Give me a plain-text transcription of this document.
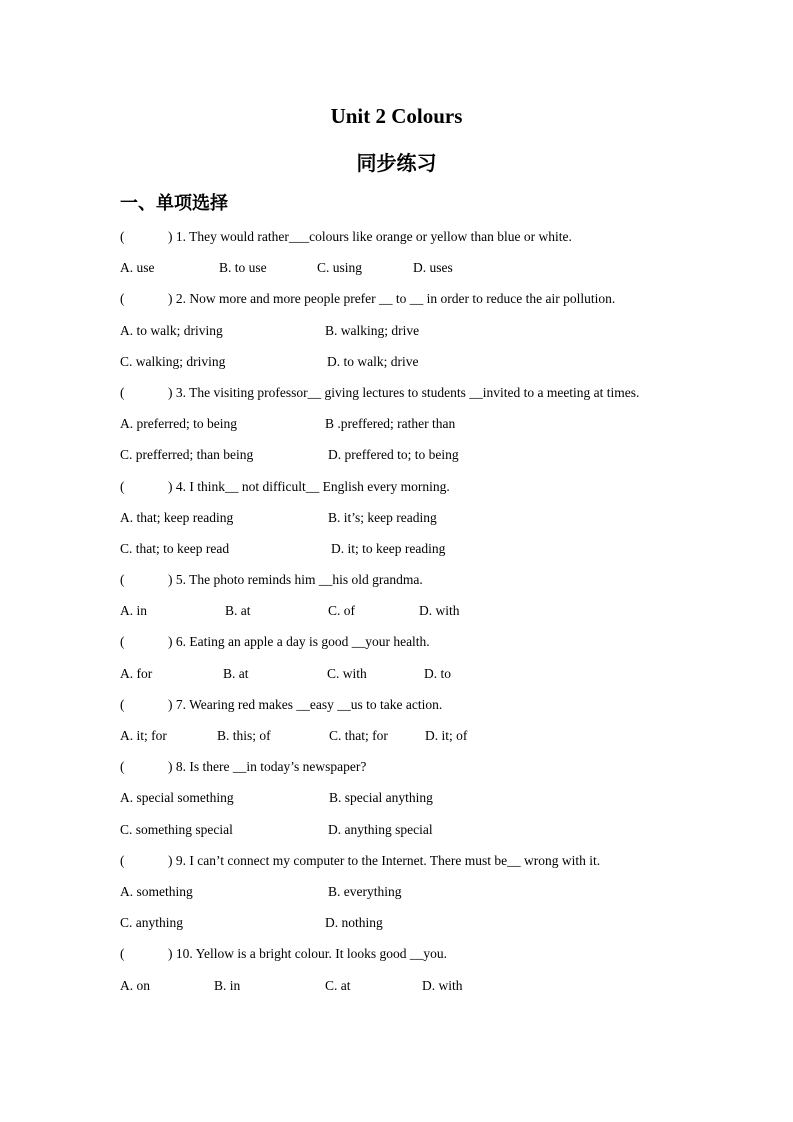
Unit 2 Colours
同步练习
一、单项选择
(	) 1. They would rather___colours like orange or yellow than blue or white.
A. use	B. to use	C. using	D. uses
(	) 2. Now more and more people prefer __ to __ in order to reduce the air pollution.
A. to walk; driving	B. walking; drive
C. walking; driving	D. to walk; drive
(	) 3. The visiting professor__ giving lectures to students __invited to a meeting at times.
A. preferred; to being	B .preffered; rather than
C. prefferred; than being	D. preffered to; to being
(	) 4. I think__ not difficult__ English every morning.
A. that; keep reading	B. it’s; keep reading
C. that; to keep read	D. it; to keep reading
(	) 5. The photo reminds him __his old grandma.
A. in	B. at	C. of	D. with
(	) 6. Eating an apple a day is good __your health.
A. for	B. at	C. with	D. to
(	) 7. Wearing red makes __easy __us to take action.
A. it; for	B. this; of	C. that; for	D. it; of
(	) 8. Is there __in today’s newspaper?
A. special something	B. special anything
C. something special	D. anything special
(	) 9. I can’t connect my computer to the Internet. There must be__ wrong with it.
A. something	B. everything
C. anything	D. nothing
(	) 10. Yellow is a bright colour. It looks good __you.
A. on	B. in	C. at	D. with
